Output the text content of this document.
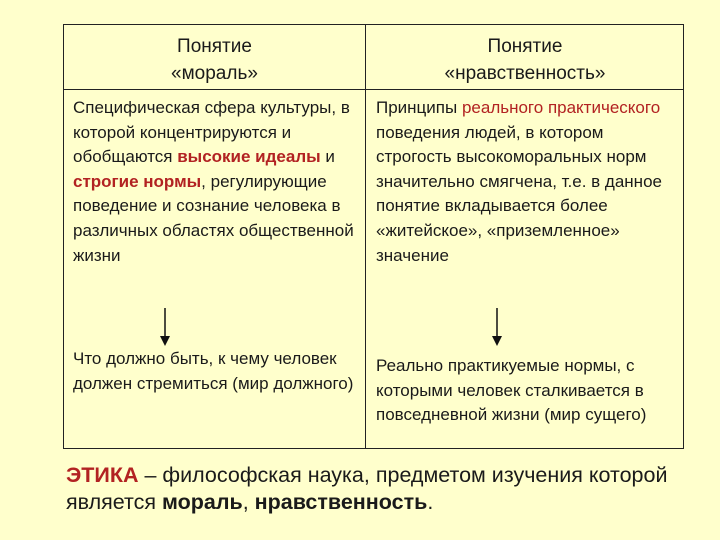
Понятие
«мораль»
Понятие
«нравственность»
Специфическая сфера культуры, в которой концентрируются и обобщаются высокие идеалы и строгие нормы, регулирующие поведение и сознание человека в различных областях общественной жизни
Принципы реального практического поведения людей, в котором строгость высокоморальных норм значительно смягчена, т.е. в данное понятие вкладывается более «житейское», «приземленное» значение
Что должно быть, к чему человек должен стремиться (мир должного)
Реально практикуемые нормы, с которыми человек сталкивается в повседневной жизни (мир сущего)
ЭТИКА – философская наука, предметом изучения которой является мораль, нравственность.
